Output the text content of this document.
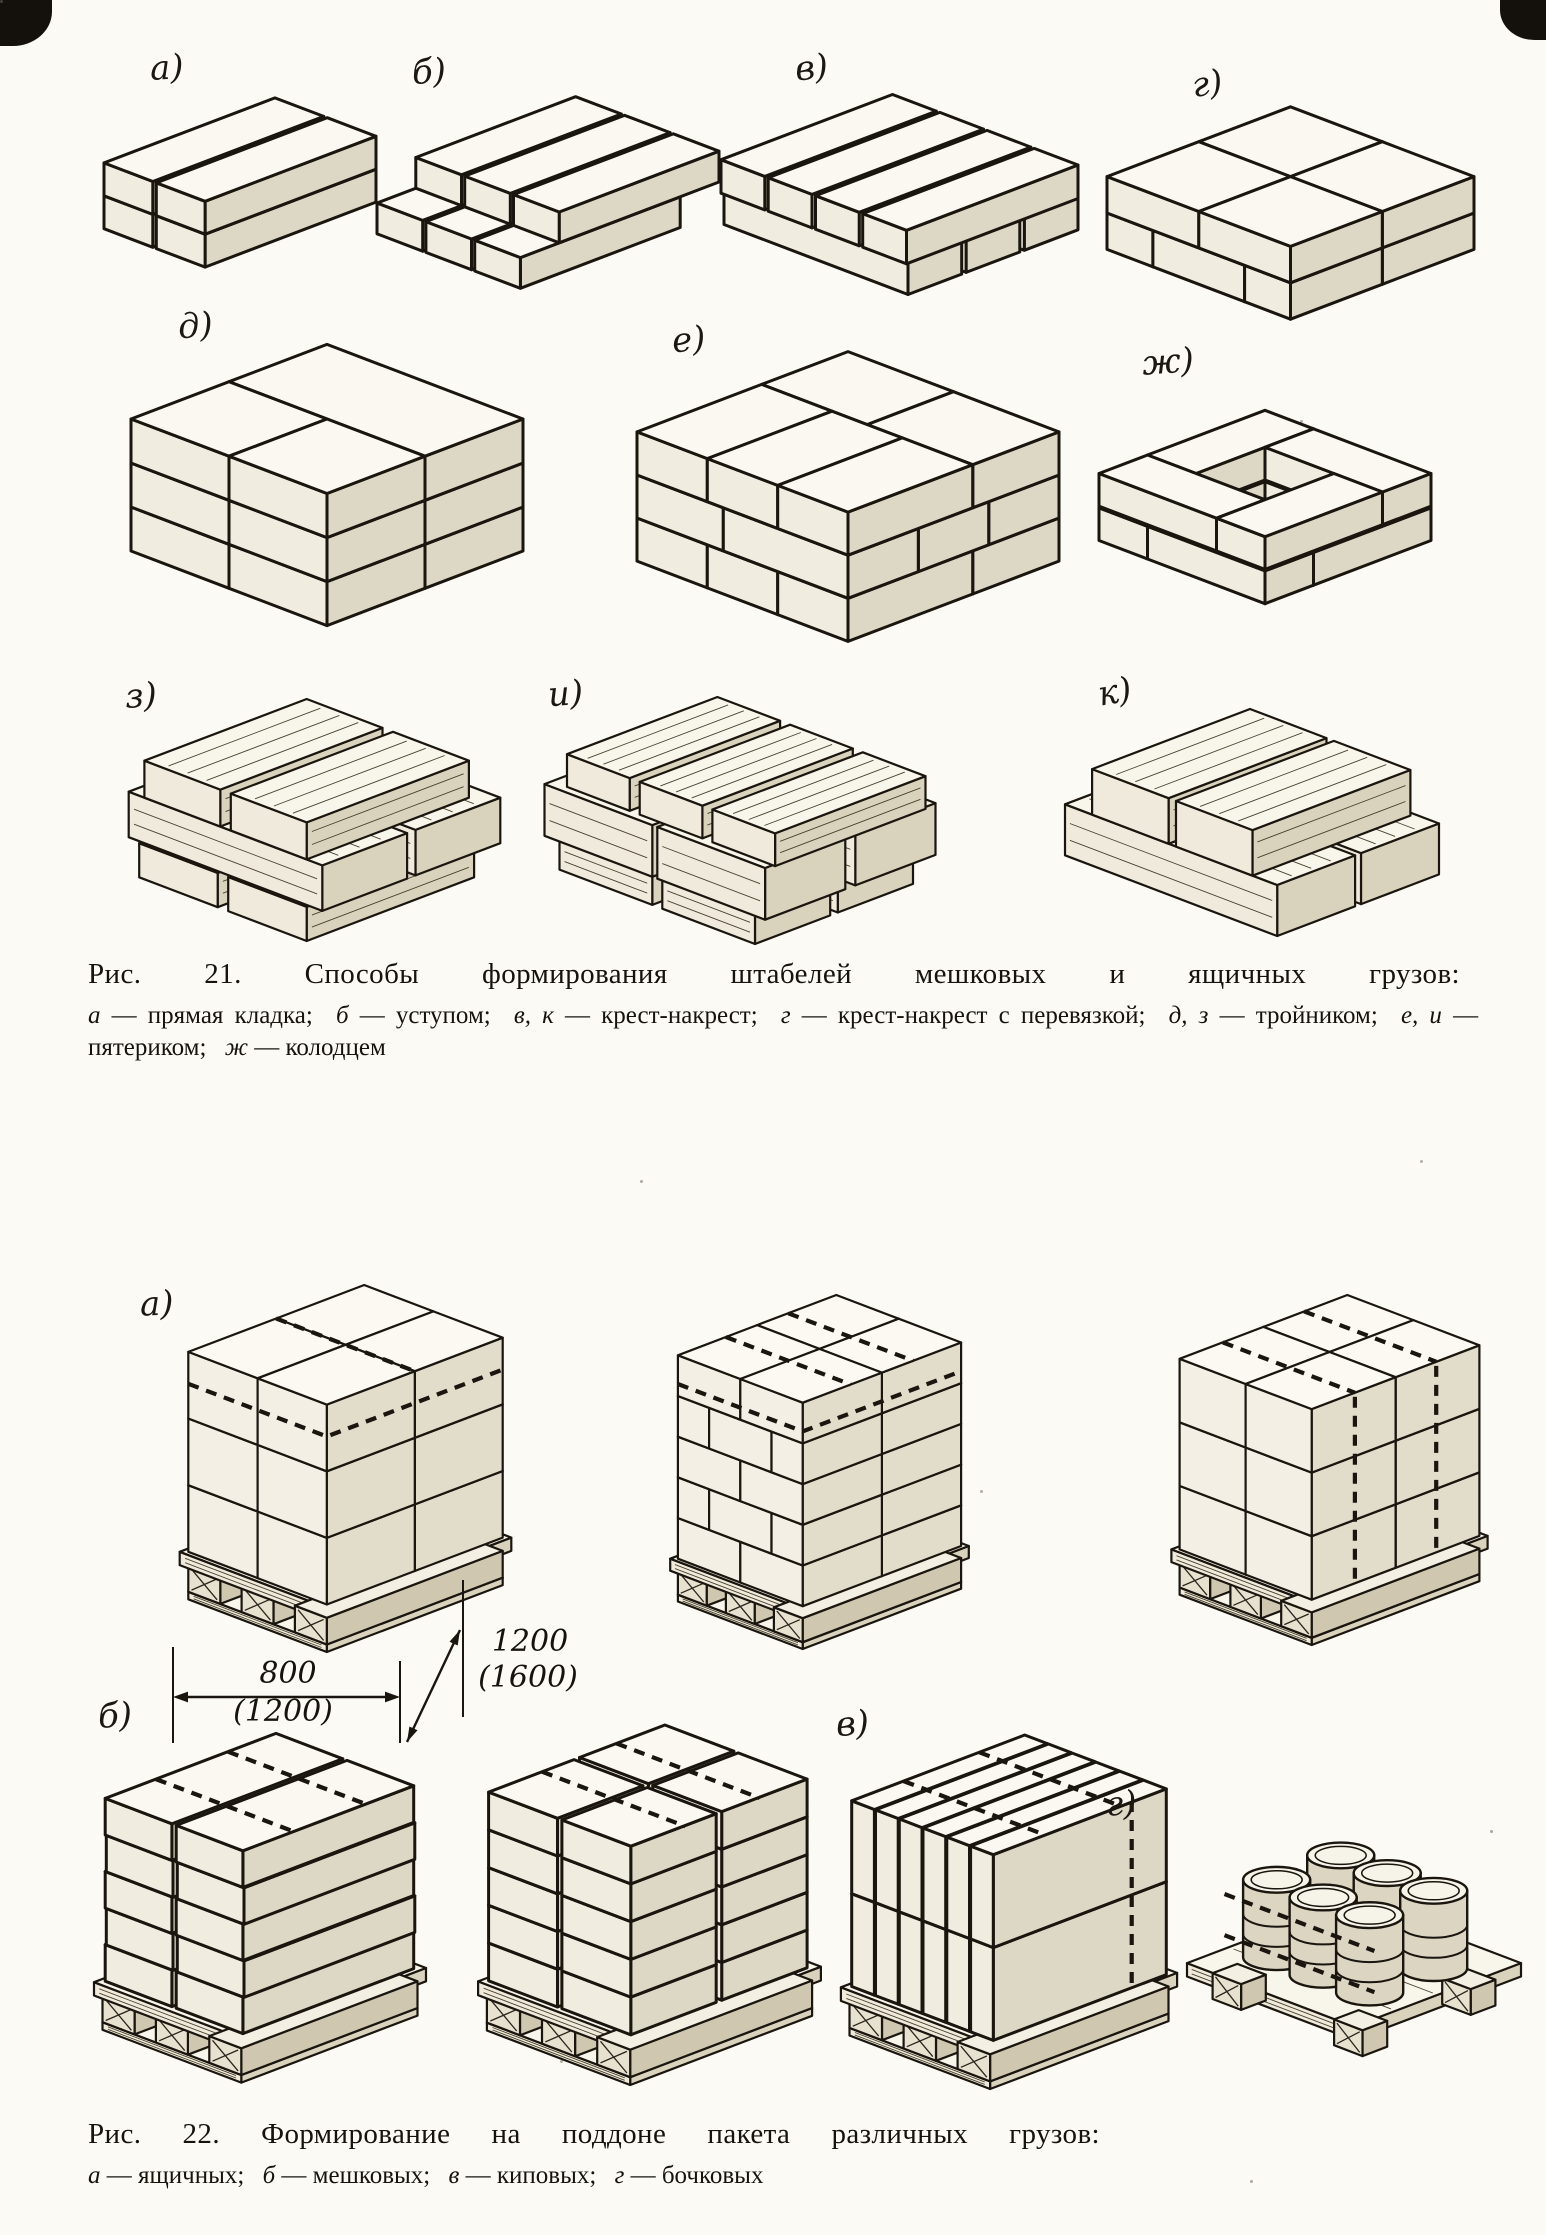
а)	б)	в)	г)
д)	е)
ж)
з)	и)	к)
Рис. 21. Способы формирования штабелей мешковых и ящичных грузов:
а — прямая кладка; б — уступом; в, к — крест-накрест; г — крест-накрест с перевязкой; д, з — тройником; е, и — пятериком; ж — колодцем
а)
800
(1200)
1200
(1600)
б)	в)
г)
Рис. 22. Формирование на поддоне пакета различных грузов:
а — ящичных; б — мешковых; в — киповых; г — бочковых
